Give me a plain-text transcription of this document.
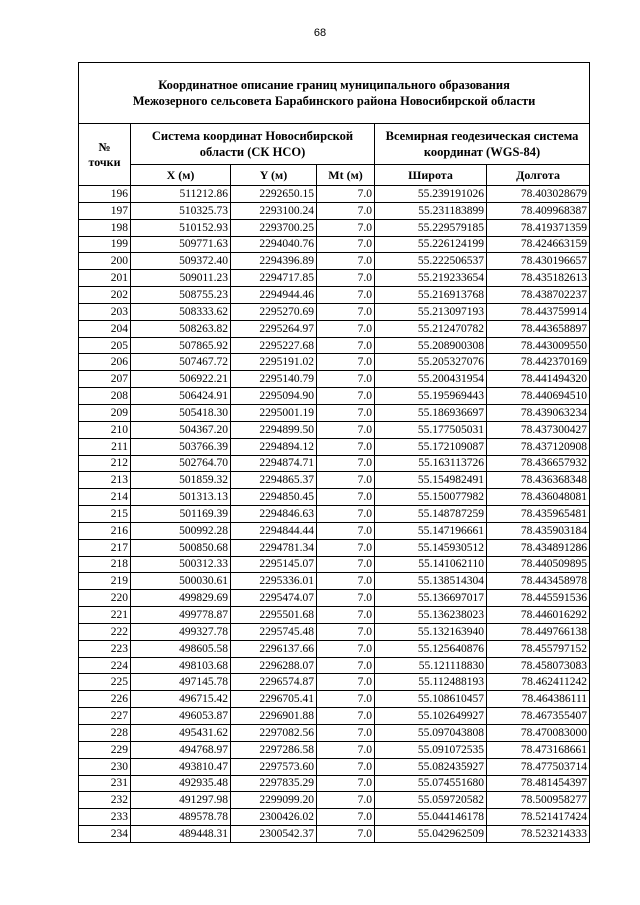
68
Координатное описание границ муниципального образования
Межозерного сельсовета Барабинского района Новосибирской области					

№
точки	Система координат Новосибирской области (СК НСО)			Всемирная геодезическая система координат (WGS-84)	
	X (м)	Y (м)	Mt (м)	Широта	Долгота
196	511212.86	2292650.15	7.0	55.239191026	78.403028679
197	510325.73	2293100.24	7.0	55.231183899	78.409968387
198	510152.93	2293700.25	7.0	55.229579185	78.419371359
199	509771.63	2294040.76	7.0	55.226124199	78.424663159
200	509372.40	2294396.89	7.0	55.222506537	78.430196657
201	509011.23	2294717.85	7.0	55.219233654	78.435182613
202	508755.23	2294944.46	7.0	55.216913768	78.438702237
203	508333.62	2295270.69	7.0	55.213097193	78.443759914
204	508263.82	2295264.97	7.0	55.212470782	78.443658897
205	507865.92	2295227.68	7.0	55.208900308	78.443009550
206	507467.72	2295191.02	7.0	55.205327076	78.442370169
207	506922.21	2295140.79	7.0	55.200431954	78.441494320
208	506424.91	2295094.90	7.0	55.195969443	78.440694510
209	505418.30	2295001.19	7.0	55.186936697	78.439063234
210	504367.20	2294899.50	7.0	55.177505031	78.437300427
211	503766.39	2294894.12	7.0	55.172109087	78.437120908
212	502764.70	2294874.71	7.0	55.163113726	78.436657932
213	501859.32	2294865.37	7.0	55.154982491	78.436368348
214	501313.13	2294850.45	7.0	55.150077982	78.436048081
215	501169.39	2294846.63	7.0	55.148787259	78.435965481
216	500992.28	2294844.44	7.0	55.147196661	78.435903184
217	500850.68	2294781.34	7.0	55.145930512	78.434891286
218	500312.33	2295145.07	7.0	55.141062110	78.440509895
219	500030.61	2295336.01	7.0	55.138514304	78.443458978
220	499829.69	2295474.07	7.0	55.136697017	78.445591536
221	499778.87	2295501.68	7.0	55.136238023	78.446016292
222	499327.78	2295745.48	7.0	55.132163940	78.449766138
223	498605.58	2296137.66	7.0	55.125640876	78.455797152
224	498103.68	2296288.07	7.0	55.121118830	78.458073083
225	497145.78	2296574.87	7.0	55.112488193	78.462411242
226	496715.42	2296705.41	7.0	55.108610457	78.464386111
227	496053.87	2296901.88	7.0	55.102649927	78.467355407
228	495431.62	2297082.56	7.0	55.097043808	78.470083000
229	494768.97	2297286.58	7.0	55.091072535	78.473168661
230	493810.47	2297573.60	7.0	55.082435927	78.477503714
231	492935.48	2297835.29	7.0	55.074551680	78.481454397
232	491297.98	2299099.20	7.0	55.059720582	78.500958277
233	489578.78	2300426.02	7.0	55.044146178	78.521417424
234	489448.31	2300542.37	7.0	55.042962509	78.523214333
